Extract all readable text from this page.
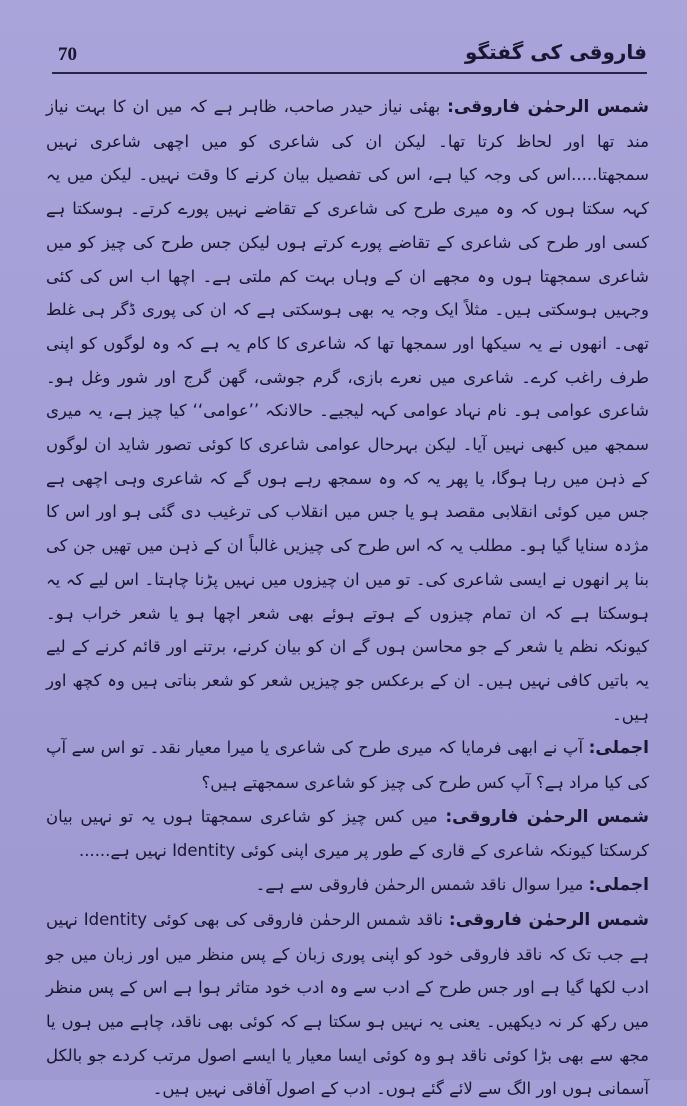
70	فاروقی کی گفتگو

شمس الرحمٰن فاروقی: بھئی نیاز حیدر صاحب، ظاہر ہے کہ میں ان کا بہت نیاز مند تھا اور لحاظ کرتا تھا۔ لیکن ان کی شاعری کو میں اچھی شاعری نہیں سمجھتا.....اس کی وجہ کیا ہے، اس کی تفصیل بیان کرنے کا وقت نہیں۔ لیکن میں یہ کہہ سکتا ہوں کہ وہ میری طرح کی شاعری کے تقاضے نہیں پورے کرتے۔ ہوسکتا ہے کسی اور طرح کی شاعری کے تقاضے پورے کرتے ہوں لیکن جس طرح کی چیز کو میں شاعری سمجھتا ہوں وہ مجھے ان کے وہاں بہت کم ملتی ہے۔ اچھا اب اس کی کئی وجہیں ہوسکتی ہیں۔ مثلاً ایک وجہ یہ بھی ہوسکتی ہے کہ ان کی پوری ڈگر ہی غلط تھی۔ انھوں نے یہ سیکھا اور سمجھا تھا کہ شاعری کا کام یہ ہے کہ وہ لوگوں کو اپنی طرف راغب کرے۔ شاعری میں نعرے بازی، گرم جوشی، گھن گرج اور شور وغل ہو۔ شاعری عوامی ہو۔ نام نہاد عوامی کہہ لیجیے۔ حالانکہ ’’عوامی‘‘ کیا چیز ہے، یہ میری سمجھ میں کبھی نہیں آیا۔ لیکن بہرحال عوامی شاعری کا کوئی تصور شاید ان لوگوں کے ذہن میں رہا ہوگا، یا پھر یہ کہ وہ سمجھ رہے ہوں گے کہ شاعری وہی اچھی ہے جس میں کوئی انقلابی مقصد ہو یا جس میں انقلاب کی ترغیب دی گئی ہو اور اس کا مژدہ سنایا گیا ہو۔ مطلب یہ کہ اس طرح کی چیزیں غالباً ان کے ذہن میں تھیں جن کی بنا پر انھوں نے ایسی شاعری کی۔ تو میں ان چیزوں میں نہیں پڑنا چاہتا۔ اس لیے کہ یہ ہوسکتا ہے کہ ان تمام چیزوں کے ہوتے ہوئے بھی شعر اچھا ہو یا شعر خراب ہو۔ کیونکہ نظم یا شعر کے جو محاسن ہوں گے ان کو بیان کرنے، برتنے اور قائم کرنے کے لیے یہ باتیں کافی نہیں ہیں۔ ان کے برعکس جو چیزیں شعر کو شعر بناتی ہیں وہ کچھ اور ہیں۔

اجملی: آپ نے ابھی فرمایا کہ میری طرح کی شاعری یا میرا معیار نقد۔ تو اس سے آپ کی کیا مراد ہے؟ آپ کس طرح کی چیز کو شاعری سمجھتے ہیں؟

شمس الرحمٰن فاروقی: میں کس چیز کو شاعری سمجھتا ہوں یہ تو نہیں بیان کرسکتا کیونکہ شاعری کے قاری کے طور پر میری اپنی کوئی Identity نہیں ہے......

اجملی: میرا سوال ناقد شمس الرحمٰن فاروقی سے ہے۔

شمس الرحمٰن فاروقی: ناقد شمس الرحمٰن فاروقی کی بھی کوئی Identity نہیں ہے جب تک کہ ناقد فاروقی خود کو اپنی پوری زبان کے پس منظر میں اور زبان میں جو ادب لکھا گیا ہے اور جس طرح کے ادب سے وہ ادب خود متاثر ہوا ہے اس کے پس منظر میں رکھ کر نہ دیکھیں۔ یعنی یہ نہیں ہو سکتا ہے کہ کوئی بھی ناقد، چاہے میں ہوں یا مجھ سے بھی بڑا کوئی ناقد ہو وہ کوئی ایسا معیار یا ایسے اصول مرتب کردے جو بالکل آسمانی ہوں اور الگ سے لائے گئے ہوں۔ ادب کے اصول آفاقی نہیں ہیں۔
